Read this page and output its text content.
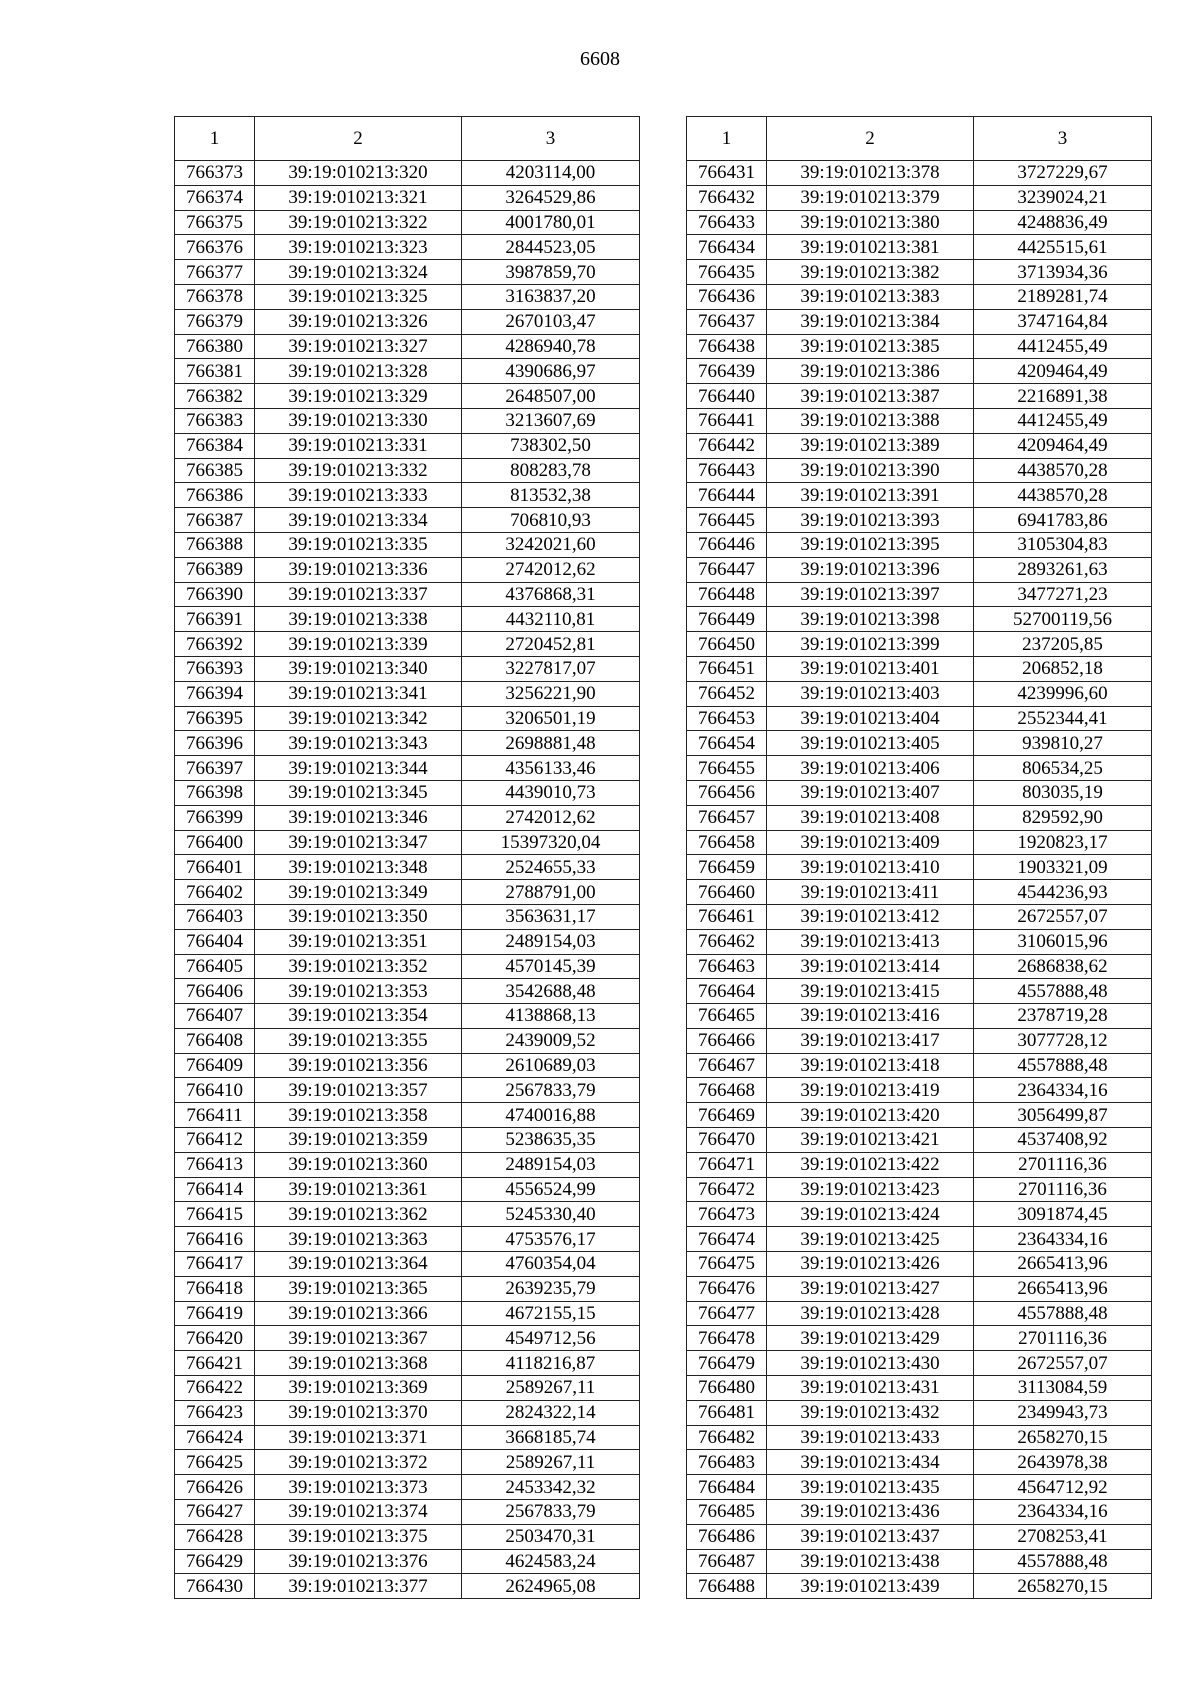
6608
1	2	3
766373	39:19:010213:320	4203114,00
766374	39:19:010213:321	3264529,86
766375	39:19:010213:322	4001780,01
766376	39:19:010213:323	2844523,05
766377	39:19:010213:324	3987859,70
766378	39:19:010213:325	3163837,20
766379	39:19:010213:326	2670103,47
766380	39:19:010213:327	4286940,78
766381	39:19:010213:328	4390686,97
766382	39:19:010213:329	2648507,00
766383	39:19:010213:330	3213607,69
766384	39:19:010213:331	738302,50
766385	39:19:010213:332	808283,78
766386	39:19:010213:333	813532,38
766387	39:19:010213:334	706810,93
766388	39:19:010213:335	3242021,60
766389	39:19:010213:336	2742012,62
766390	39:19:010213:337	4376868,31
766391	39:19:010213:338	4432110,81
766392	39:19:010213:339	2720452,81
766393	39:19:010213:340	3227817,07
766394	39:19:010213:341	3256221,90
766395	39:19:010213:342	3206501,19
766396	39:19:010213:343	2698881,48
766397	39:19:010213:344	4356133,46
766398	39:19:010213:345	4439010,73
766399	39:19:010213:346	2742012,62
766400	39:19:010213:347	15397320,04
766401	39:19:010213:348	2524655,33
766402	39:19:010213:349	2788791,00
766403	39:19:010213:350	3563631,17
766404	39:19:010213:351	2489154,03
766405	39:19:010213:352	4570145,39
766406	39:19:010213:353	3542688,48
766407	39:19:010213:354	4138868,13
766408	39:19:010213:355	2439009,52
766409	39:19:010213:356	2610689,03
766410	39:19:010213:357	2567833,79
766411	39:19:010213:358	4740016,88
766412	39:19:010213:359	5238635,35
766413	39:19:010213:360	2489154,03
766414	39:19:010213:361	4556524,99
766415	39:19:010213:362	5245330,40
766416	39:19:010213:363	4753576,17
766417	39:19:010213:364	4760354,04
766418	39:19:010213:365	2639235,79
766419	39:19:010213:366	4672155,15
766420	39:19:010213:367	4549712,56
766421	39:19:010213:368	4118216,87
766422	39:19:010213:369	2589267,11
766423	39:19:010213:370	2824322,14
766424	39:19:010213:371	3668185,74
766425	39:19:010213:372	2589267,11
766426	39:19:010213:373	2453342,32
766427	39:19:010213:374	2567833,79
766428	39:19:010213:375	2503470,31
766429	39:19:010213:376	4624583,24
766430	39:19:010213:377	2624965,08
1	2	3
766431	39:19:010213:378	3727229,67
766432	39:19:010213:379	3239024,21
766433	39:19:010213:380	4248836,49
766434	39:19:010213:381	4425515,61
766435	39:19:010213:382	3713934,36
766436	39:19:010213:383	2189281,74
766437	39:19:010213:384	3747164,84
766438	39:19:010213:385	4412455,49
766439	39:19:010213:386	4209464,49
766440	39:19:010213:387	2216891,38
766441	39:19:010213:388	4412455,49
766442	39:19:010213:389	4209464,49
766443	39:19:010213:390	4438570,28
766444	39:19:010213:391	4438570,28
766445	39:19:010213:393	6941783,86
766446	39:19:010213:395	3105304,83
766447	39:19:010213:396	2893261,63
766448	39:19:010213:397	3477271,23
766449	39:19:010213:398	52700119,56
766450	39:19:010213:399	237205,85
766451	39:19:010213:401	206852,18
766452	39:19:010213:403	4239996,60
766453	39:19:010213:404	2552344,41
766454	39:19:010213:405	939810,27
766455	39:19:010213:406	806534,25
766456	39:19:010213:407	803035,19
766457	39:19:010213:408	829592,90
766458	39:19:010213:409	1920823,17
766459	39:19:010213:410	1903321,09
766460	39:19:010213:411	4544236,93
766461	39:19:010213:412	2672557,07
766462	39:19:010213:413	3106015,96
766463	39:19:010213:414	2686838,62
766464	39:19:010213:415	4557888,48
766465	39:19:010213:416	2378719,28
766466	39:19:010213:417	3077728,12
766467	39:19:010213:418	4557888,48
766468	39:19:010213:419	2364334,16
766469	39:19:010213:420	3056499,87
766470	39:19:010213:421	4537408,92
766471	39:19:010213:422	2701116,36
766472	39:19:010213:423	2701116,36
766473	39:19:010213:424	3091874,45
766474	39:19:010213:425	2364334,16
766475	39:19:010213:426	2665413,96
766476	39:19:010213:427	2665413,96
766477	39:19:010213:428	4557888,48
766478	39:19:010213:429	2701116,36
766479	39:19:010213:430	2672557,07
766480	39:19:010213:431	3113084,59
766481	39:19:010213:432	2349943,73
766482	39:19:010213:433	2658270,15
766483	39:19:010213:434	2643978,38
766484	39:19:010213:435	4564712,92
766485	39:19:010213:436	2364334,16
766486	39:19:010213:437	2708253,41
766487	39:19:010213:438	4557888,48
766488	39:19:010213:439	2658270,15
